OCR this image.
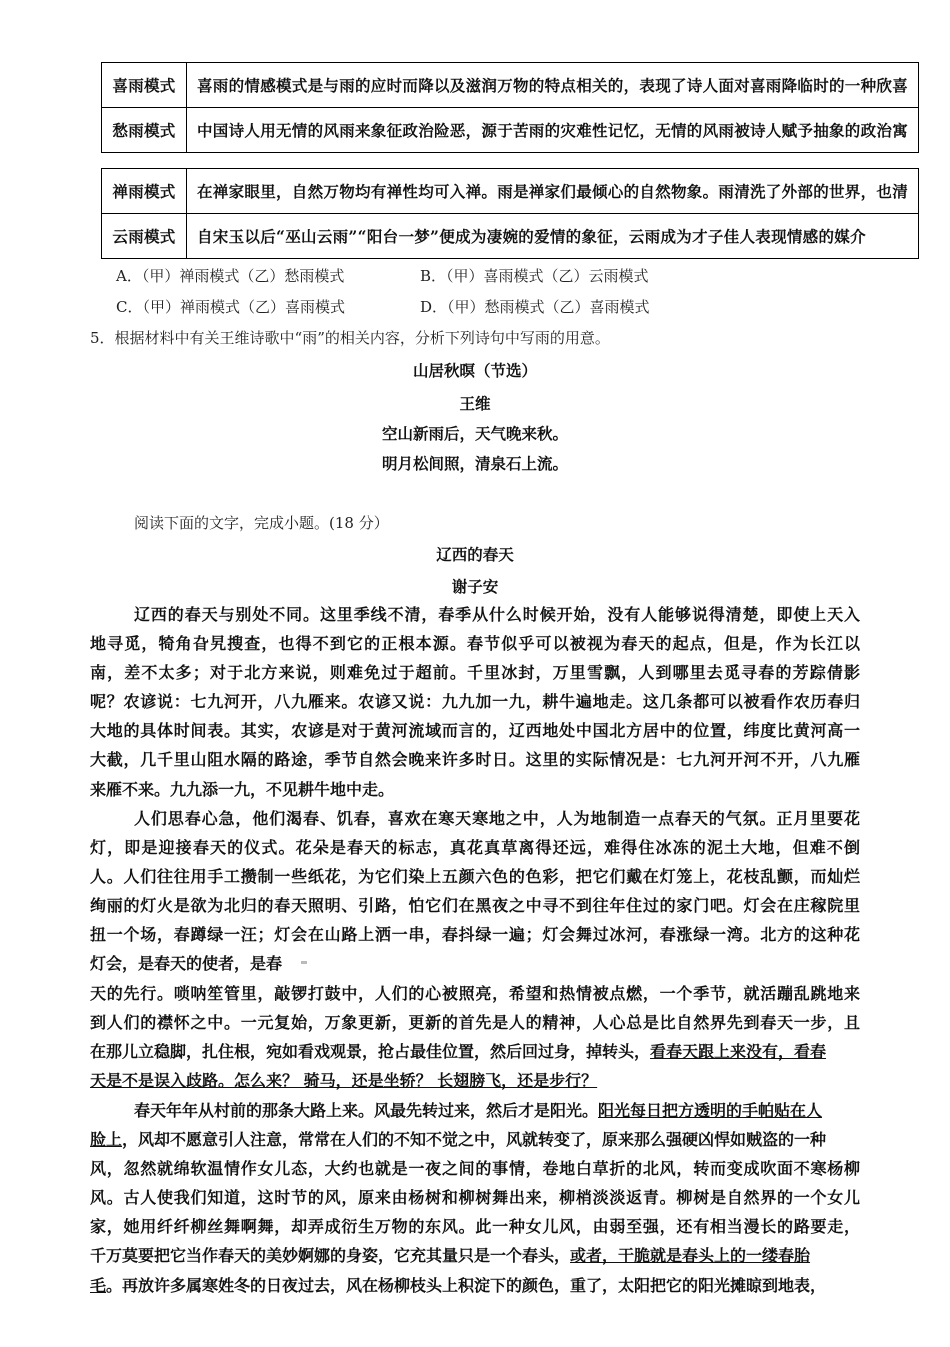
喜雨模式	喜雨的情感模式是与雨的应时而降以及滋润万物的特点相关的，表现了诗人面对喜雨降临时的一种欣喜
愁雨模式	中国诗人用无情的风雨来象征政治险恶，源于苦雨的灾难性记忆，无情的风雨被诗人赋予抽象的政治寓
禅雨模式	在禅家眼里，自然万物均有禅性均可入禅。雨是禅家们最倾心的自然物象。雨清洗了外部的世界，也清
云雨模式	自宋玉以后“巫山云雨”“阳台一梦”便成为凄婉的爱情的象征，云雨成为才子佳人表现情感的媒介
A．（甲）禅雨模式（乙）愁雨模式	B．（甲）喜雨模式（乙）云雨模式
C．（甲）禅雨模式（乙）喜雨模式	D．（甲）愁雨模式（乙）喜雨模式
5．根据材料中有关王维诗歌中“雨”的相关内容，分析下列诗句中写雨的用意。
山居秋暝（节选）
王维
空山新雨后，天气晚来秋。
明月松间照，清泉石上流。
阅读下面的文字，完成小题。(18 分）
辽西的春天
谢子安
辽西的春天与别处不同。这里季线不清，春季从什么时候开始，没有人能够说得清楚，即使上天入
地寻觅，犄角旮旯搜查，也得不到它的正根本源。春节似乎可以被视为春天的起点，但是，作为长江以
南，差不太多；对于北方来说，则难免过于超前。千里冰封，万里雪飘，人到哪里去觅寻春的芳踪倩影
呢？农谚说：七九河开，八九雁来。农谚又说：九九加一九，耕牛遍地走。这几条都可以被看作农历春归
大地的具体时间表。其实，农谚是对于黄河流域而言的，辽西地处中国北方居中的位置，纬度比黄河高一
大截，几千里山阻水隔的路途，季节自然会晚来许多时日。这里的实际情况是：七九河开河不开，八九雁
来雁不来。九九添一九，不见耕牛地中走。
人们思春心急，他们渴春、饥春，喜欢在寒天寒地之中，人为地制造一点春天的气氛。正月里要花
灯，即是迎接春天的仪式。花朵是春天的标志，真花真草离得还远，难得住冰冻的泥土大地，但难不倒
人。人们往往用手工攒制一些纸花，为它们染上五颜六色的色彩，把它们戴在灯笼上，花枝乱颤，而灿烂
绚丽的灯火是欲为北归的春天照明、引路，怕它们在黑夜之中寻不到往年住过的家门吧。灯会在庄稼院里
扭一个场，春蹲绿一汪；灯会在山路上洒一串，春抖绿一遍；灯会舞过冰河，春涨绿一湾。北方的这种花
灯会，是春天的使者，是春
天的先行。唢呐笙管里，敲锣打鼓中，人们的心被照亮，希望和热情被点燃，一个季节，就活蹦乱跳地来
到人们的襟怀之中。一元复始，万象更新，更新的首先是人的精神，人心总是比自然界先到春天一步，且
在那儿立稳脚，扎住根，宛如看戏观景，抢占最佳位置，然后回过身，掉转头，看春天跟上来没有，看春
天是不是误入歧路。怎么来？ 骑马，还是坐轿？ 长翅膀飞，还是步行？
春天年年从村前的那条大路上来。风最先转过来，然后才是阳光。阳光每日把方透明的手帕贴在人
脸上，风却不愿意引人注意，常常在人们的不知不觉之中，风就转变了，原来那么强硬凶悍如贼盗的一种
风，忽然就绵软温情作女儿态，大约也就是一夜之间的事情，卷地白草折的北风，转而变成吹面不寒杨柳
风。古人使我们知道，这时节的风，原来由杨树和柳树舞出来，柳梢淡淡返青。柳树是自然界的一个女儿
家，她用纤纤柳丝舞啊舞，却弄成衍生万物的东风。此一种女儿风，由弱至强，还有相当漫长的路要走，
千万莫要把它当作春天的美妙婀娜的身姿，它充其量只是一个春头，或者，干脆就是春头上的一缕春胎
毛。再放许多属寒姓冬的日夜过去，风在杨柳枝头上积淀下的颜色，重了，太阳把它的阳光摊晾到地表，
